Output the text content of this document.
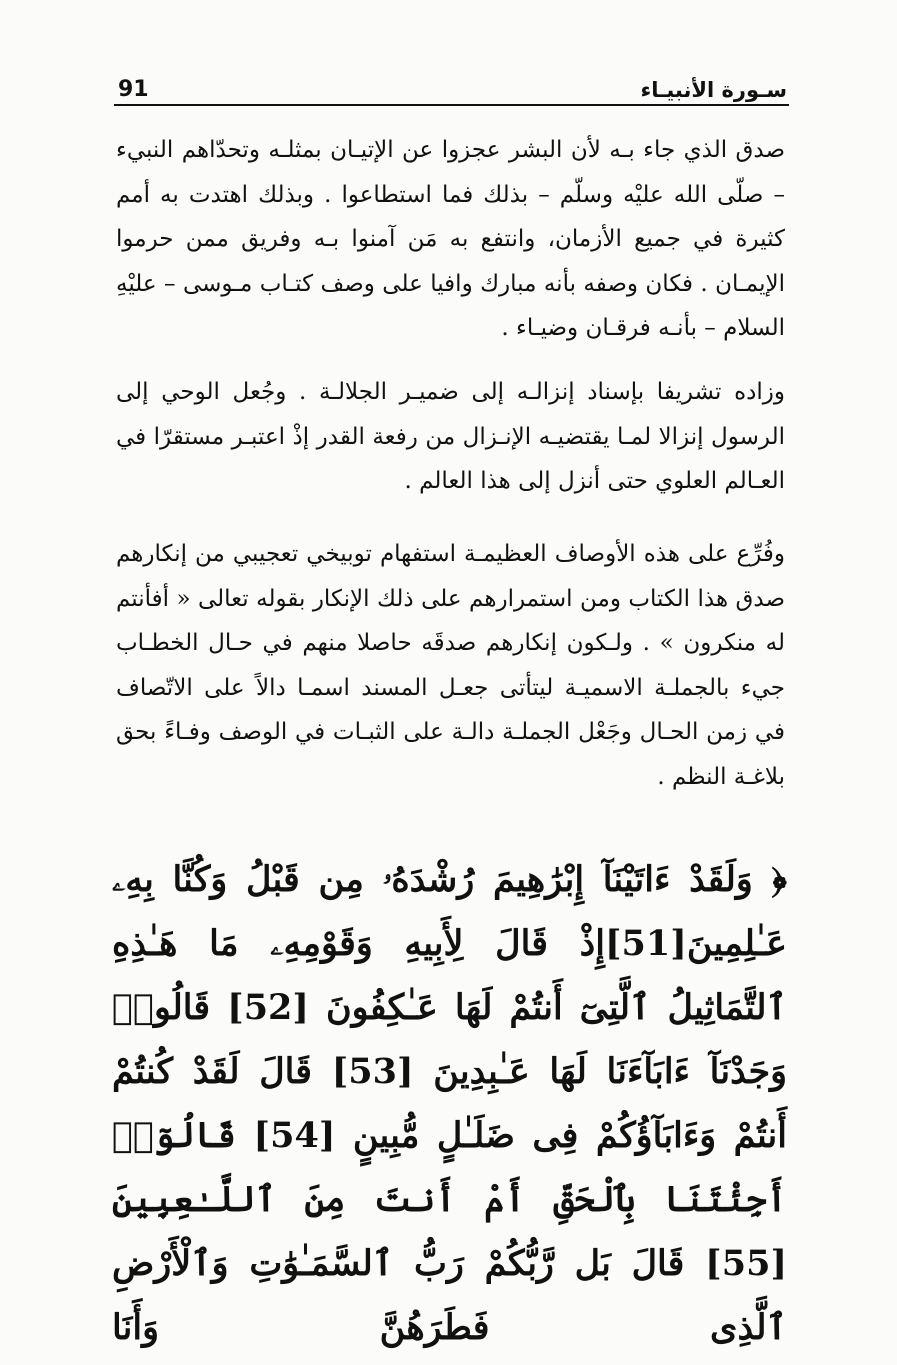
91	سـورة الأنبيـاء

صدق الذي جاء بـه لأن البشر عجزوا عن الإتيـان بمثلـه وتحدّاهم النبيء – صلّى الله عليْه وسلّم – بذلك فما استطاعوا . وبذلك اهتدت به أمم كثيرة في جميع الأزمان، وانتفع به مَن آمنوا بـه وفريق ممن حرموا الإيمـان . فكان وصفه بأنه مبارك وافيا على وصف كتـاب مـوسى – عليْهِ السلام – بأنـه فرقـان وضيـاء .

وزاده تشريفا بإسناد إنزالـه إلى ضميـر الجلالـة . وجُعل الوحي إلى الرسول إنزالا لمـا يقتضيـه الإنـزال من رفعة القدر إذْ اعتبـر مستقرّا في العـالم العلوي حتى أنزل إلى هذا العالم .

وفُرِّع على هذه الأوصاف العظيمـة استفهام توبيخي تعجيبي من إنكارهم صدق هذا الكتاب ومن استمرارهم على ذلك الإنكار بقوله تعالى « أفأنتم له منكرون » . ولـكون إنكارهم صدقَه حاصلا منهم في حـال الخطـاب جيء بالجملـة الاسميـة ليتأتى جعـل المسند اسمـا دالاً على الاتّصاف في زمن الحـال وجَعْل الجملـة دالـة على الثبـات في الوصف وفـاءً بحق بلاغـة النظم .

﴿ وَلَقَدْ ءَاتَيْنَآ إِبْرَٰهِيمَ رُشْدَهُۥ مِن قَبْلُ وَكُنَّا بِهِۦ عَـٰلِمِينَ[51]إِذْ قَالَ لِأَبِيهِ وَقَوْمِهِۦ مَا هَـٰذِهِ ٱلتَّمَاثِيلُ ٱلَّتِىٓ أَنتُمْ لَهَا عَـٰكِفُونَ [52] قَالُوا۟ وَجَدْنَآ ءَابَآءَنَا لَهَا عَـٰبِدِينَ [53] قَالَ لَقَدْ كُنتُمْ أَنتُمْ وَءَابَآؤُكُمْ فِى ضَلَـٰلٍ مُّبِينٍ [54] قَالُوٓا۟ أَجِئْتَنَا بِٱلْحَقِّ أَمْ أَنتَ مِنَ ٱللَّـٰعِبِينَ [55] قَالَ بَل رَّبُّكُمْ رَبُّ ٱلسَّمَـٰوَٰتِ وَٱلْأَرْضِ ٱلَّذِى فَطَرَهُنَّ وَأَنَا
